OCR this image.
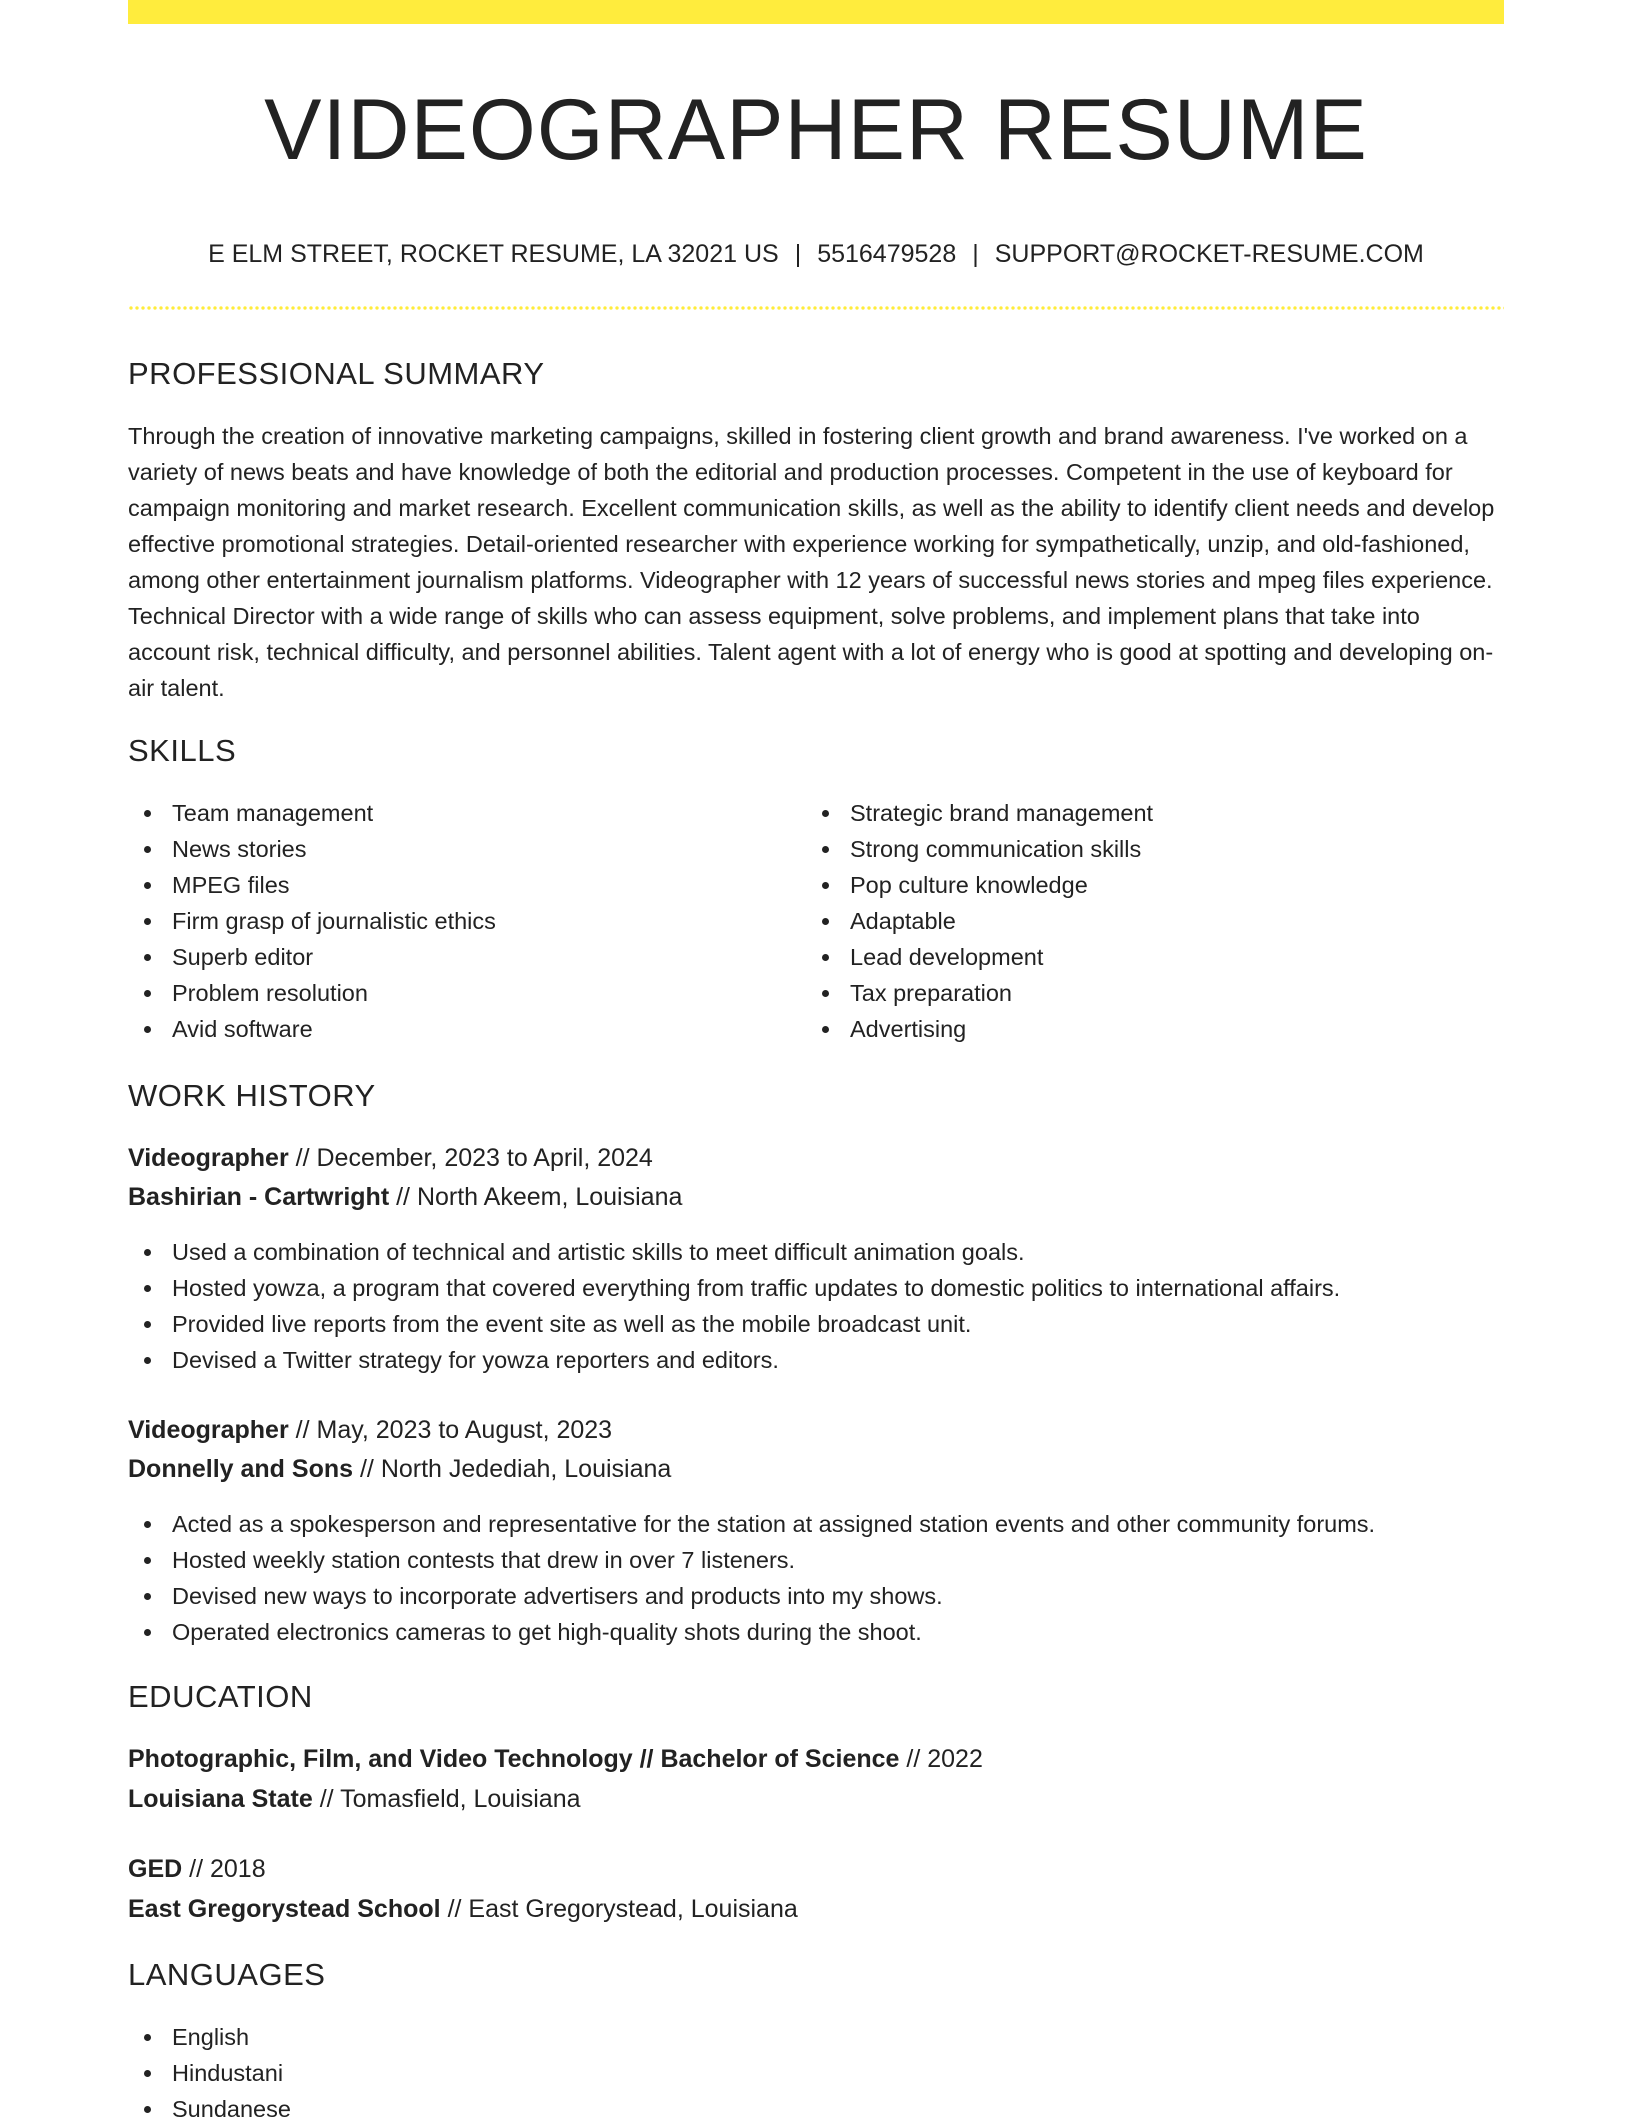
VIDEOGRAPHER RESUME
E ELM STREET, ROCKET RESUME, LA 32021 US | 5516479528 | SUPPORT@ROCKET-RESUME.COM
PROFESSIONAL SUMMARY
Through the creation of innovative marketing campaigns, skilled in fostering client growth and brand awareness. I've worked on a variety of news beats and have knowledge of both the editorial and production processes. Competent in the use of keyboard for campaign monitoring and market research. Excellent communication skills, as well as the ability to identify client needs and develop effective promotional strategies. Detail-oriented researcher with experience working for sympathetically, unzip, and old-fashioned, among other entertainment journalism platforms. Videographer with 12 years of successful news stories and mpeg files experience. Technical Director with a wide range of skills who can assess equipment, solve problems, and implement plans that take into account risk, technical difficulty, and personnel abilities. Talent agent with a lot of energy who is good at spotting and developing on-air talent.
SKILLS
Team management
News stories
MPEG files
Firm grasp of journalistic ethics
Superb editor
Problem resolution
Avid software
Strategic brand management
Strong communication skills
Pop culture knowledge
Adaptable
Lead development
Tax preparation
Advertising
WORK HISTORY
Videographer // December, 2023 to April, 2024
Bashirian - Cartwright // North Akeem, Louisiana
Used a combination of technical and artistic skills to meet difficult animation goals.
Hosted yowza, a program that covered everything from traffic updates to domestic politics to international affairs.
Provided live reports from the event site as well as the mobile broadcast unit.
Devised a Twitter strategy for yowza reporters and editors.
Videographer // May, 2023 to August, 2023
Donnelly and Sons // North Jedediah, Louisiana
Acted as a spokesperson and representative for the station at assigned station events and other community forums.
Hosted weekly station contests that drew in over 7 listeners.
Devised new ways to incorporate advertisers and products into my shows.
Operated electronics cameras to get high-quality shots during the shoot.
EDUCATION
Photographic, Film, and Video Technology // Bachelor of Science // 2022
Louisiana State // Tomasfield, Louisiana
GED // 2018
East Gregorystead School // East Gregorystead, Louisiana
LANGUAGES
English
Hindustani
Sundanese
